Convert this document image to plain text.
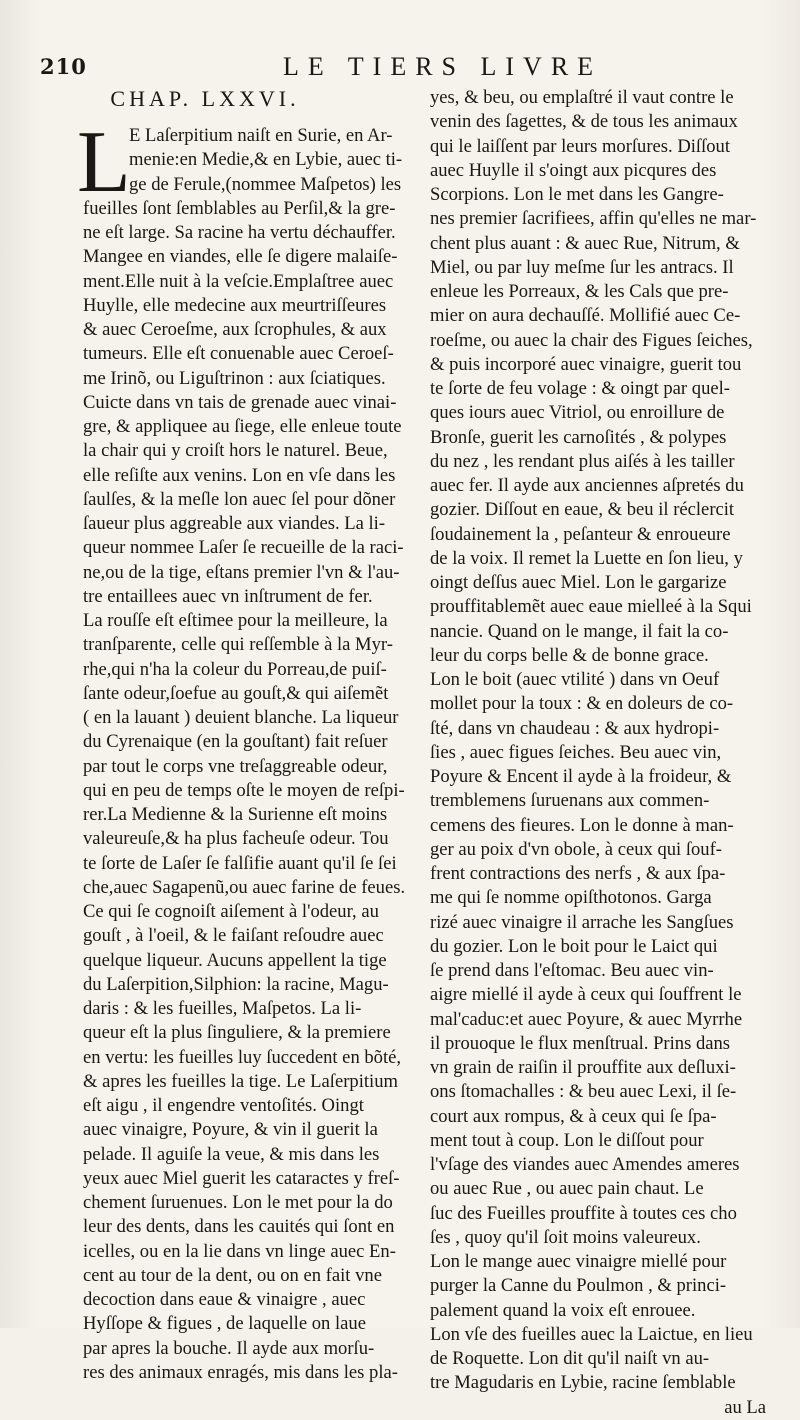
210	LE TIERS LIVRE
CHAP. LXXVI.
L
E Laſerpitium naiſt en Surie, en Ar-
menie:en Medie,& en Lybie, auec ti-
ge de Ferule,(nommee Maſpetos) les
fueilles ſont ſemblables au Perſil,& la gre-
ne eſt large. Sa racine ha vertu déchauffer.
Mangee en viandes, elle ſe digere malaiſe-
ment.Elle nuit à la veſcie.Emplaſtree auec
Huylle, elle medecine aux meurtriſſeures
& auec Ceroeſme, aux ſcrophules, & aux
tumeurs. Elle eſt conuenable auec Ceroeſ-
me Irinõ, ou Liguſtrinon : aux ſciatiques.
Cuicte dans vn tais de grenade auec vinai-
gre, & appliquee au ſiege, elle enleue toute
la chair qui y croiſt hors le naturel. Beue,
elle reſiſte aux venins. Lon en vſe dans les
ſaulſes, & la meſle lon auec ſel pour dõner
ſaueur plus aggreable aux viandes. La li-
queur nommee Laſer ſe recueille de la raci-
ne,ou de la tige, eſtans premier l'vn & l'au-
tre entaillees auec vn inſtrument de fer.
La rouſſe eſt eſtimee pour la meilleure, la
tranſparente, celle qui reſſemble à la Myr-
rhe,qui n'ha la coleur du Porreau,de puiſ-
ſante odeur,ſoefue au gouſt,& qui aiſemẽt
( en la lauant ) deuient blanche. La liqueur
du Cyrenaique (en la gouſtant) fait reſuer
par tout le corps vne treſaggreable odeur,
qui en peu de temps oſte le moyen de reſpi-
rer.La Medienne & la Surienne eſt moins
valeureuſe,& ha plus facheuſe odeur. Tou
te ſorte de Laſer ſe falſifie auant qu'il ſe ſei
che,auec Sagapenũ,ou auec farine de feues.
Ce qui ſe cognoiſt aiſement à l'odeur, au
gouſt , à l'oeil, & le faiſant reſoudre auec
quelque liqueur. Aucuns appellent la tige
du Laſerpition,Silphion: la racine, Magu-
daris : & les fueilles, Maſpetos. La li-
queur eſt la plus ſinguliere, & la premiere
en vertu: les fueilles luy ſuccedent en bõté,
& apres les fueilles la tige. Le Laſerpitium
eſt aigu , il engendre ventoſités. Oingt
auec vinaigre, Poyure, & vin il guerit la
pelade. Il aguiſe la veue, & mis dans les
yeux auec Miel guerit les cataractes y freſ-
chement ſuruenues. Lon le met pour la do
leur des dents, dans les cauités qui ſont en
icelles, ou en la lie dans vn linge auec En-
cent au tour de la dent, ou on en fait vne
decoction dans eaue & vinaigre , auec
Hyſſope & figues , de laquelle on laue
par apres la bouche. Il ayde aux morſu-
res des animaux enragés, mis dans les pla-
yes, & beu, ou emplaſtré il vaut contre le
venin des ſagettes, & de tous les animaux
qui le laiſſent par leurs morſures. Diſſout
auec Huylle il s'oingt aux picqures des
Scorpions. Lon le met dans les Gangre-
nes premier ſacrifiees, affin qu'elles ne mar-
chent plus auant : & auec Rue, Nitrum, &
Miel, ou par luy meſme ſur les antracs. Il
enleue les Porreaux, & les Cals que pre-
mier on aura dechauſſé. Mollifié auec Ce-
roeſme, ou auec la chair des Figues ſeiches,
& puis incorporé auec vinaigre, guerit tou
te ſorte de feu volage : & oingt par quel-
ques iours auec Vitriol, ou enroillure de
Bronſe, guerit les carnoſités , & polypes
du nez , les rendant plus aiſés à les tailler
auec fer. Il ayde aux anciennes aſpretés du
gozier. Diſſout en eaue, & beu il réclercit
ſoudainement la , peſanteur & enroueure
de la voix. Il remet la Luette en ſon lieu, y
oingt deſſus auec Miel. Lon le gargarize
prouffitablemẽt auec eaue mielleé à la Squi
nancie. Quand on le mange, il fait la co-
leur du corps belle & de bonne grace.
Lon le boit (auec vtilité ) dans vn Oeuf
mollet pour la toux : & en doleurs de co-
ſté, dans vn chaudeau : & aux hydropi-
ſies , auec figues ſeiches. Beu auec vin,
Poyure & Encent il ayde à la froideur, &
tremblemens ſuruenans aux commen-
cemens des fieures. Lon le donne à man-
ger au poix d'vn obole, à ceux qui ſouf-
frent contractions des nerfs , & aux ſpa-
me qui ſe nomme opiſthotonos. Garga
rizé auec vinaigre il arrache les Sangſues
du gozier. Lon le boit pour le Laict qui
ſe prend dans l'eſtomac. Beu auec vin-
aigre miellé il ayde à ceux qui ſouffrent le
mal'caduc:et auec Poyure, & auec Myrrhe
il prouoque le flux menſtrual. Prins dans
vn grain de raiſin il prouffite aux deſluxi-
ons ſtomachalles : & beu auec Lexi, il ſe-
court aux rompus, & à ceux qui ſe ſpa-
ment tout à coup. Lon le diſſout pour
l'vſage des viandes auec Amendes ameres
ou auec Rue , ou auec pain chaut. Le
ſuc des Fueilles prouffite à toutes ces cho
ſes , quoy qu'il ſoit moins valeureux.
Lon le mange auec vinaigre miellé pour
purger la Canne du Poulmon , & princi-
palement quand la voix eſt enrouee.
Lon vſe des fueilles auec la Laictue, en lieu
de Roquette. Lon dit qu'il naiſt vn au-
tre Magudaris en Lybie, racine ſemblable
au La
